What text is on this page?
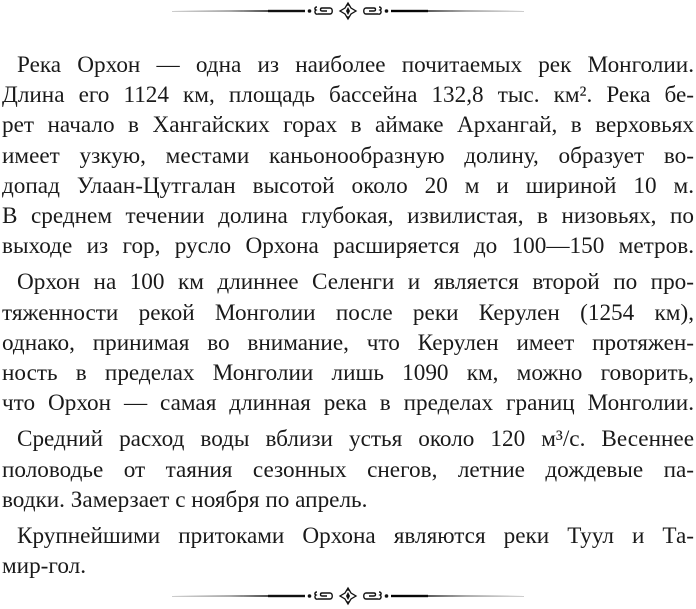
Река Орхон — одна из наиболее почитаемых рек Монголии.
Длина его 1124 км, площадь бассейна 132,8 тыс. км². Река бе-
рет начало в Хангайских горах в аймаке Архангай, в верховьях
имеет узкую, местами каньонообразную долину, образует во-
допад Улаан-Цутгалан высотой около 20 м и шириной 10 м.
В среднем течении долина глубокая, извилистая, в низовьях, по
выходе из гор, русло Орхона расширяется до 100—150 метров.

Орхон на 100 км длиннее Селенги и является второй по про-
тяженности рекой Монголии после реки Керулен (1254 км),
однако, принимая во внимание, что Керулен имеет протяжен-
ность в пределах Монголии лишь 1090 км, можно говорить,
что Орхон — самая длинная река в пределах границ Монголии.

Средний расход воды вблизи устья около 120 м³/с. Весеннее
половодье от таяния сезонных снегов, летние дождевые па-
водки. Замерзает с ноября по апрель.

Крупнейшими притоками Орхона являются реки Туул и Та-
мир-гол.
